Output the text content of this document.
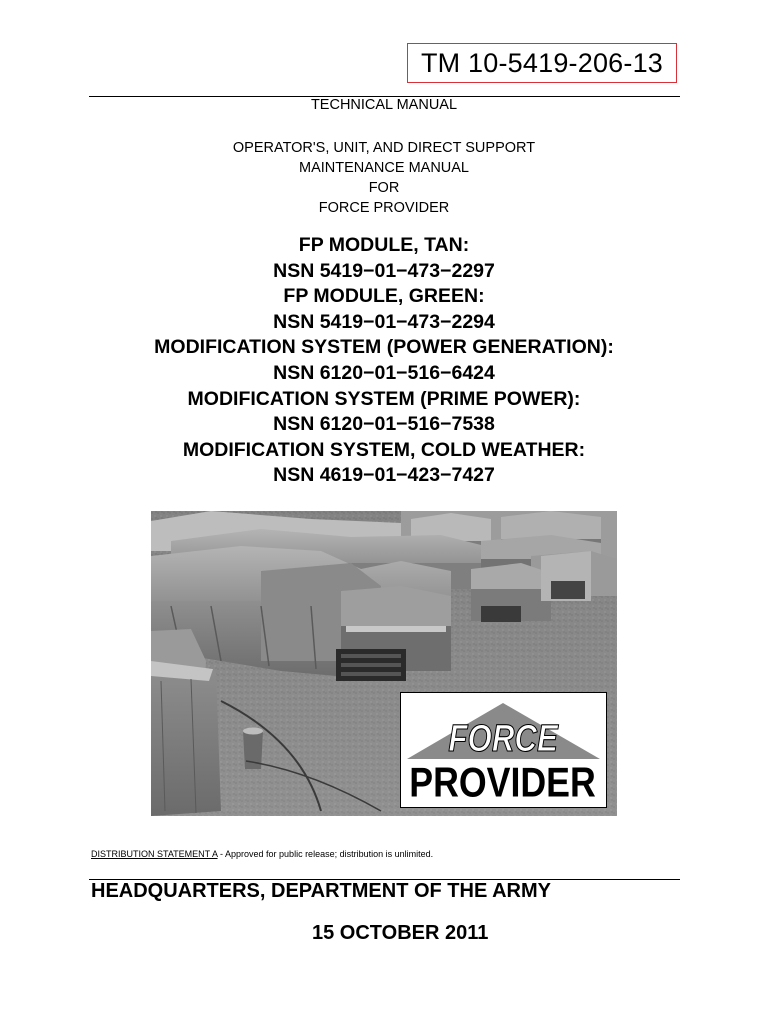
TM 10-5419-206-13
TECHNICAL MANUAL
OPERATOR'S, UNIT, AND DIRECT SUPPORT
MAINTENANCE MANUAL
FOR
FORCE PROVIDER
FP MODULE, TAN:
NSN 5419−01−473−2297
FP MODULE, GREEN:
NSN 5419−01−473−2294
MODIFICATION SYSTEM (POWER GENERATION):
NSN 6120−01−516−6424
MODIFICATION SYSTEM (PRIME POWER):
NSN 6120−01−516−7538
MODIFICATION SYSTEM, COLD WEATHER:
NSN 4619−01−423−7427
FORCE
PROVIDER
DISTRIBUTION STATEMENT A - Approved for public release; distribution is unlimited.
HEADQUARTERS, DEPARTMENT OF THE ARMY
15 OCTOBER 2011
